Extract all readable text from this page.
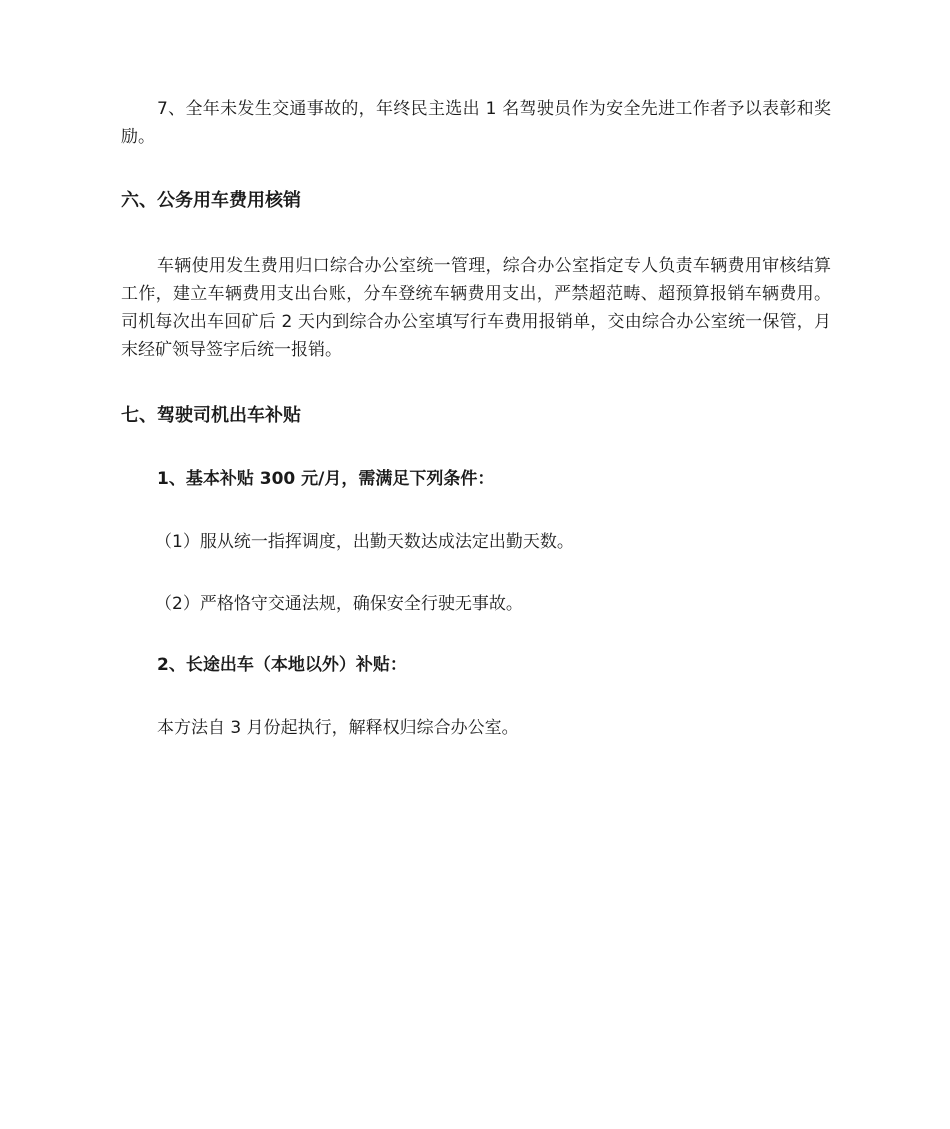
7、全年未发生交通事故的，年终民主选出 1 名驾驶员作为安全先进工作者予以表彰和奖励。

六、公务用车费用核销

车辆使用发生费用归口综合办公室统一管理，综合办公室指定专人负责车辆费用审核结算工作，建立车辆费用支出台账，分车登统车辆费用支出，严禁超范畴、超预算报销车辆费用。司机每次出车回矿后 2 天内到综合办公室填写行车费用报销单，交由综合办公室统一保管，月末经矿领导签字后统一报销。

七、驾驶司机出车补贴

1、基本补贴 300 元/月，需满足下列条件：

（1）服从统一指挥调度，出勤天数达成法定出勤天数。

（2）严格恪守交通法规，确保安全行驶无事故。

2、长途出车（本地以外）补贴：

本方法自 3 月份起执行，解释权归综合办公室。
